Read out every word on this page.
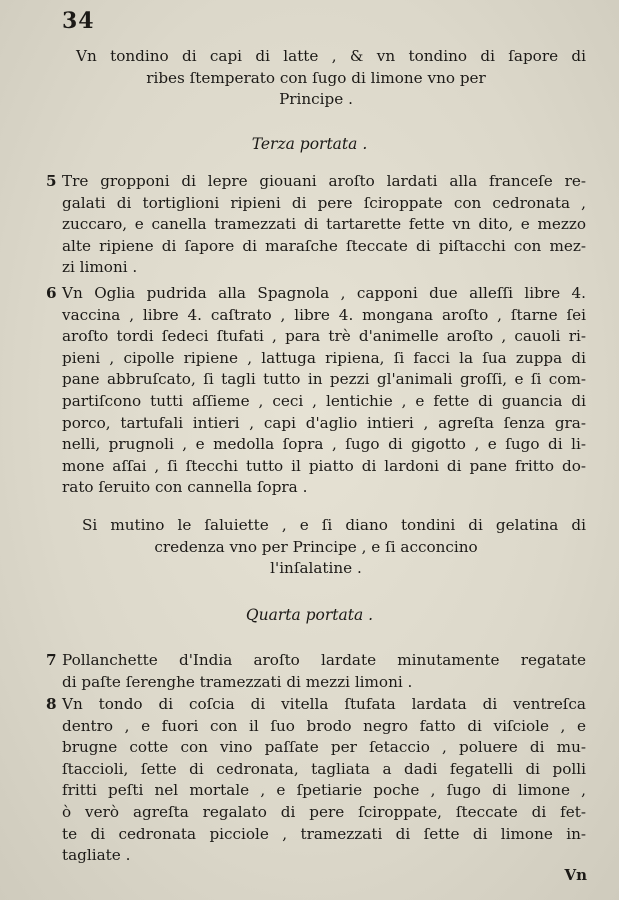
34
Vn tondino di capi di latte , & vn tondino di ſapore di
ribes ſtemperato con ſugo di limone vno per
Principe .
Terza portata .
5 Tre gropponi di lepre giouani aroſto lardati alla franceſe re-
galati di tortiglioni ripieni di pere ſciroppate con cedronata ,
zuccaro, e canella tramezzati di tartarette fette vn dito, e mezzo
alte ripiene di ſapore di maraſche ſteccate di piſtacchi con mez-
zi limoni .
6 Vn Oglia pudrida alla Spagnola , capponi due alleſſi libre 4.
vaccina , libre 4. caſtrato , libre 4. mongana aroſto , ſtarne ſei
aroſto tordi ſedeci ſtufati , para trè d'animelle aroſto , cauoli ri-
pieni , cipolle ripiene , lattuga ripiena, ſi facci la ſua zuppa di
pane abbruſcato, ſi tagli tutto in pezzi gl'animali groſſi, e ſi com-
partiſcono tutti aſſieme , ceci , lentichie , e fette di guancia di
porco, tartufali intieri , capi d'aglio intieri , agreſta ſenza gra-
nelli, prugnoli , e medolla ſopra , ſugo di gigotto , e ſugo di li-
mone aſſai , ſi ſtecchi tutto il piatto di lardoni di pane fritto do-
rato ſeruito con cannella ſopra .
Si mutino le ſaluiette , e ſi diano tondini di gelatina di
credenza vno per Principe , e ſi acconcino
l'inſalatine .
Quarta portata .
7 Pollanchette d'India aroſto lardate minutamente regatate
di paſte ſerenghe tramezzati di mezzi limoni .
8 Vn tondo di coſcia di vitella ſtufata lardata di ventreſca
dentro , e fuori con il ſuo brodo negro fatto di viſciole , e
brugne cotte con vino paſſate per ſetaccio , poluere di mu-
ſtaccioli, ſette di cedronata, tagliata a dadi fegatelli di polli
fritti peſti nel mortale , e ſpetiarie poche , ſugo di limone ,
ò verò agreſta regalato di pere ſciroppate, ſteccate di fet-
te di cedronata picciole , tramezzati di ſette di limone in-
tagliate .
Vn
